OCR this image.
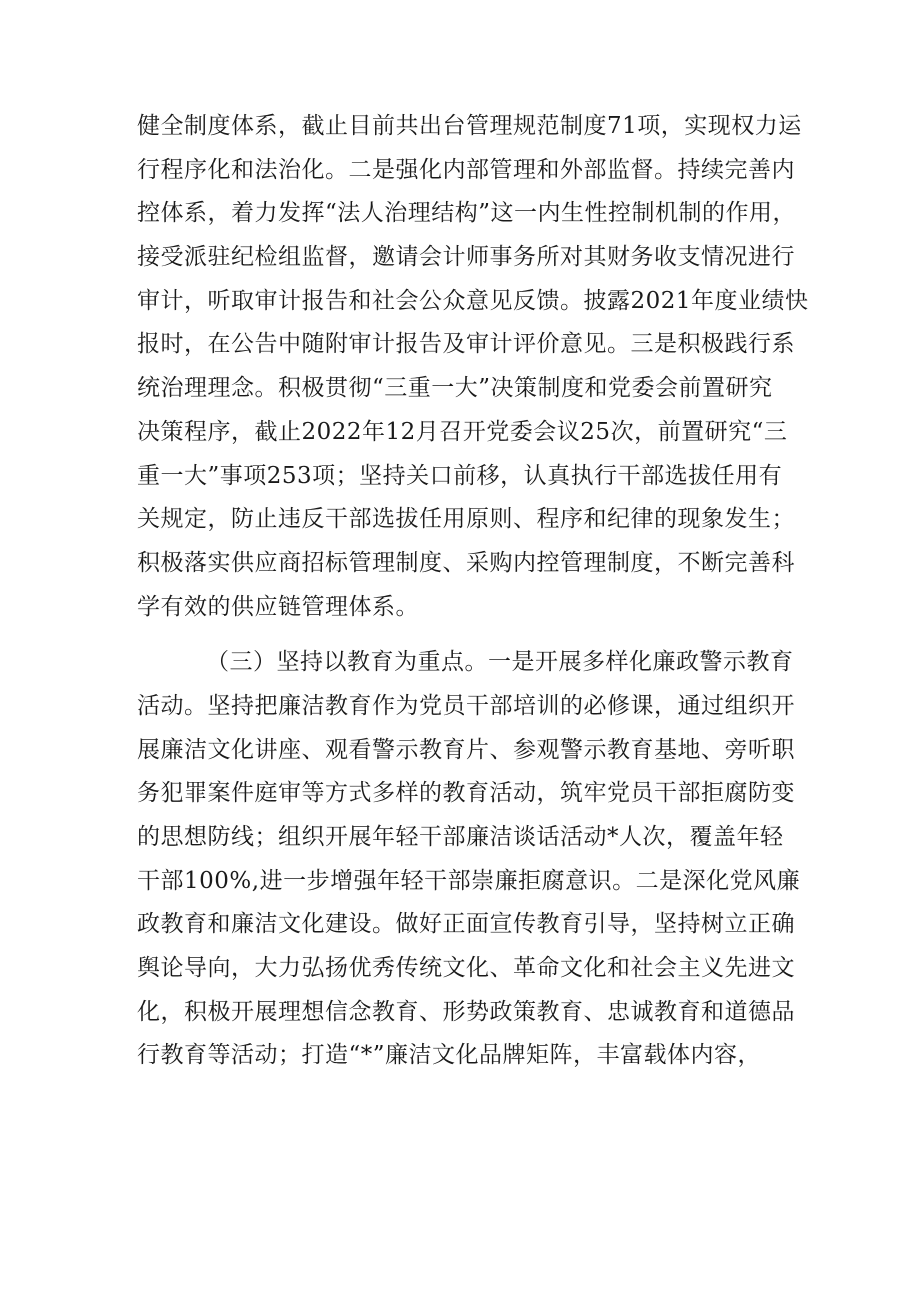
健全制度体系，截止目前共出台管理规范制度71项，实现权力运
行程序化和法治化。二是强化内部管理和外部监督。持续完善内
控体系，着力发挥“法人治理结构”这一内生性控制机制的作用，
接受派驻纪检组监督，邀请会计师事务所对其财务收支情况进行
审计，听取审计报告和社会公众意见反馈。披露2021年度业绩快
报时，在公告中随附审计报告及审计评价意见。三是积极践行系
统治理理念。积极贯彻“三重一大”决策制度和党委会前置研究
决策程序，截止2022年12月召开党委会议25次，前置研究“三
重一大”事项253项；坚持关口前移，认真执行干部选拔任用有
关规定，防止违反干部选拔任用原则、程序和纪律的现象发生；
积极落实供应商招标管理制度、采购内控管理制度，不断完善科
学有效的供应链管理体系。
（三）坚持以教育为重点。一是开展多样化廉政警示教育
活动。坚持把廉洁教育作为党员干部培训的必修课，通过组织开
展廉洁文化讲座、观看警示教育片、参观警示教育基地、旁听职
务犯罪案件庭审等方式多样的教育活动，筑牢党员干部拒腐防变
的思想防线；组织开展年轻干部廉洁谈话活动*人次，覆盖年轻
干部100%,进一步增强年轻干部崇廉拒腐意识。二是深化党风廉
政教育和廉洁文化建设。做好正面宣传教育引导，坚持树立正确
舆论导向，大力弘扬优秀传统文化、革命文化和社会主义先进文
化，积极开展理想信念教育、形势政策教育、忠诚教育和道德品
行教育等活动；打造“*”廉洁文化品牌矩阵，丰富载体内容，
